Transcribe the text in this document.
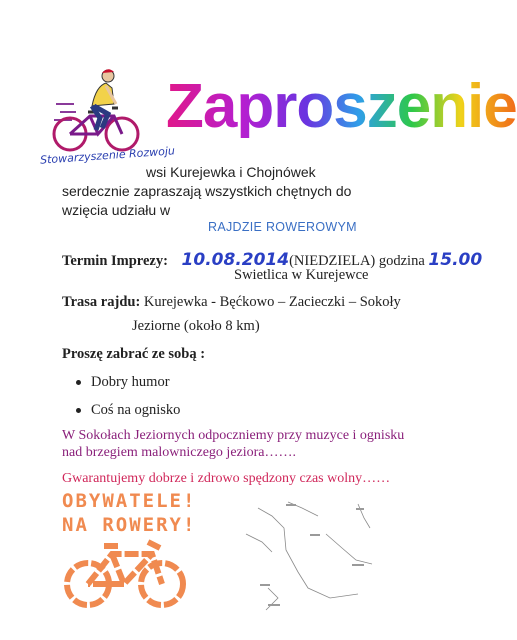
Zaproszenie
Stowarzyszenie Rozwoju
wsi Kurejewka i Chojnówek
serdecznie zapraszają wszystkich chętnych do
wzięcia udziału w
RAJDZIE ROWEROWYM
Termin Imprezy: 10.08.2014(NIEDZIELA) godzina 15.00
Swietlica w Kurejewce
Trasa rajdu: Kurejewka - Bęćkowo – Zacieczki – Sokoły
Jeziorne (około 8 km)
Proszę zabrać ze sobą :
Dobry humor
Coś na ognisko
W Sokołach Jeziornych odpoczniemy przy muzyce i ognisku
nad brzegiem malowniczego jeziora…….
Gwarantujemy dobrze i zdrowo spędzony czas wolny……
OBYWATELE!
NA ROWERY!
